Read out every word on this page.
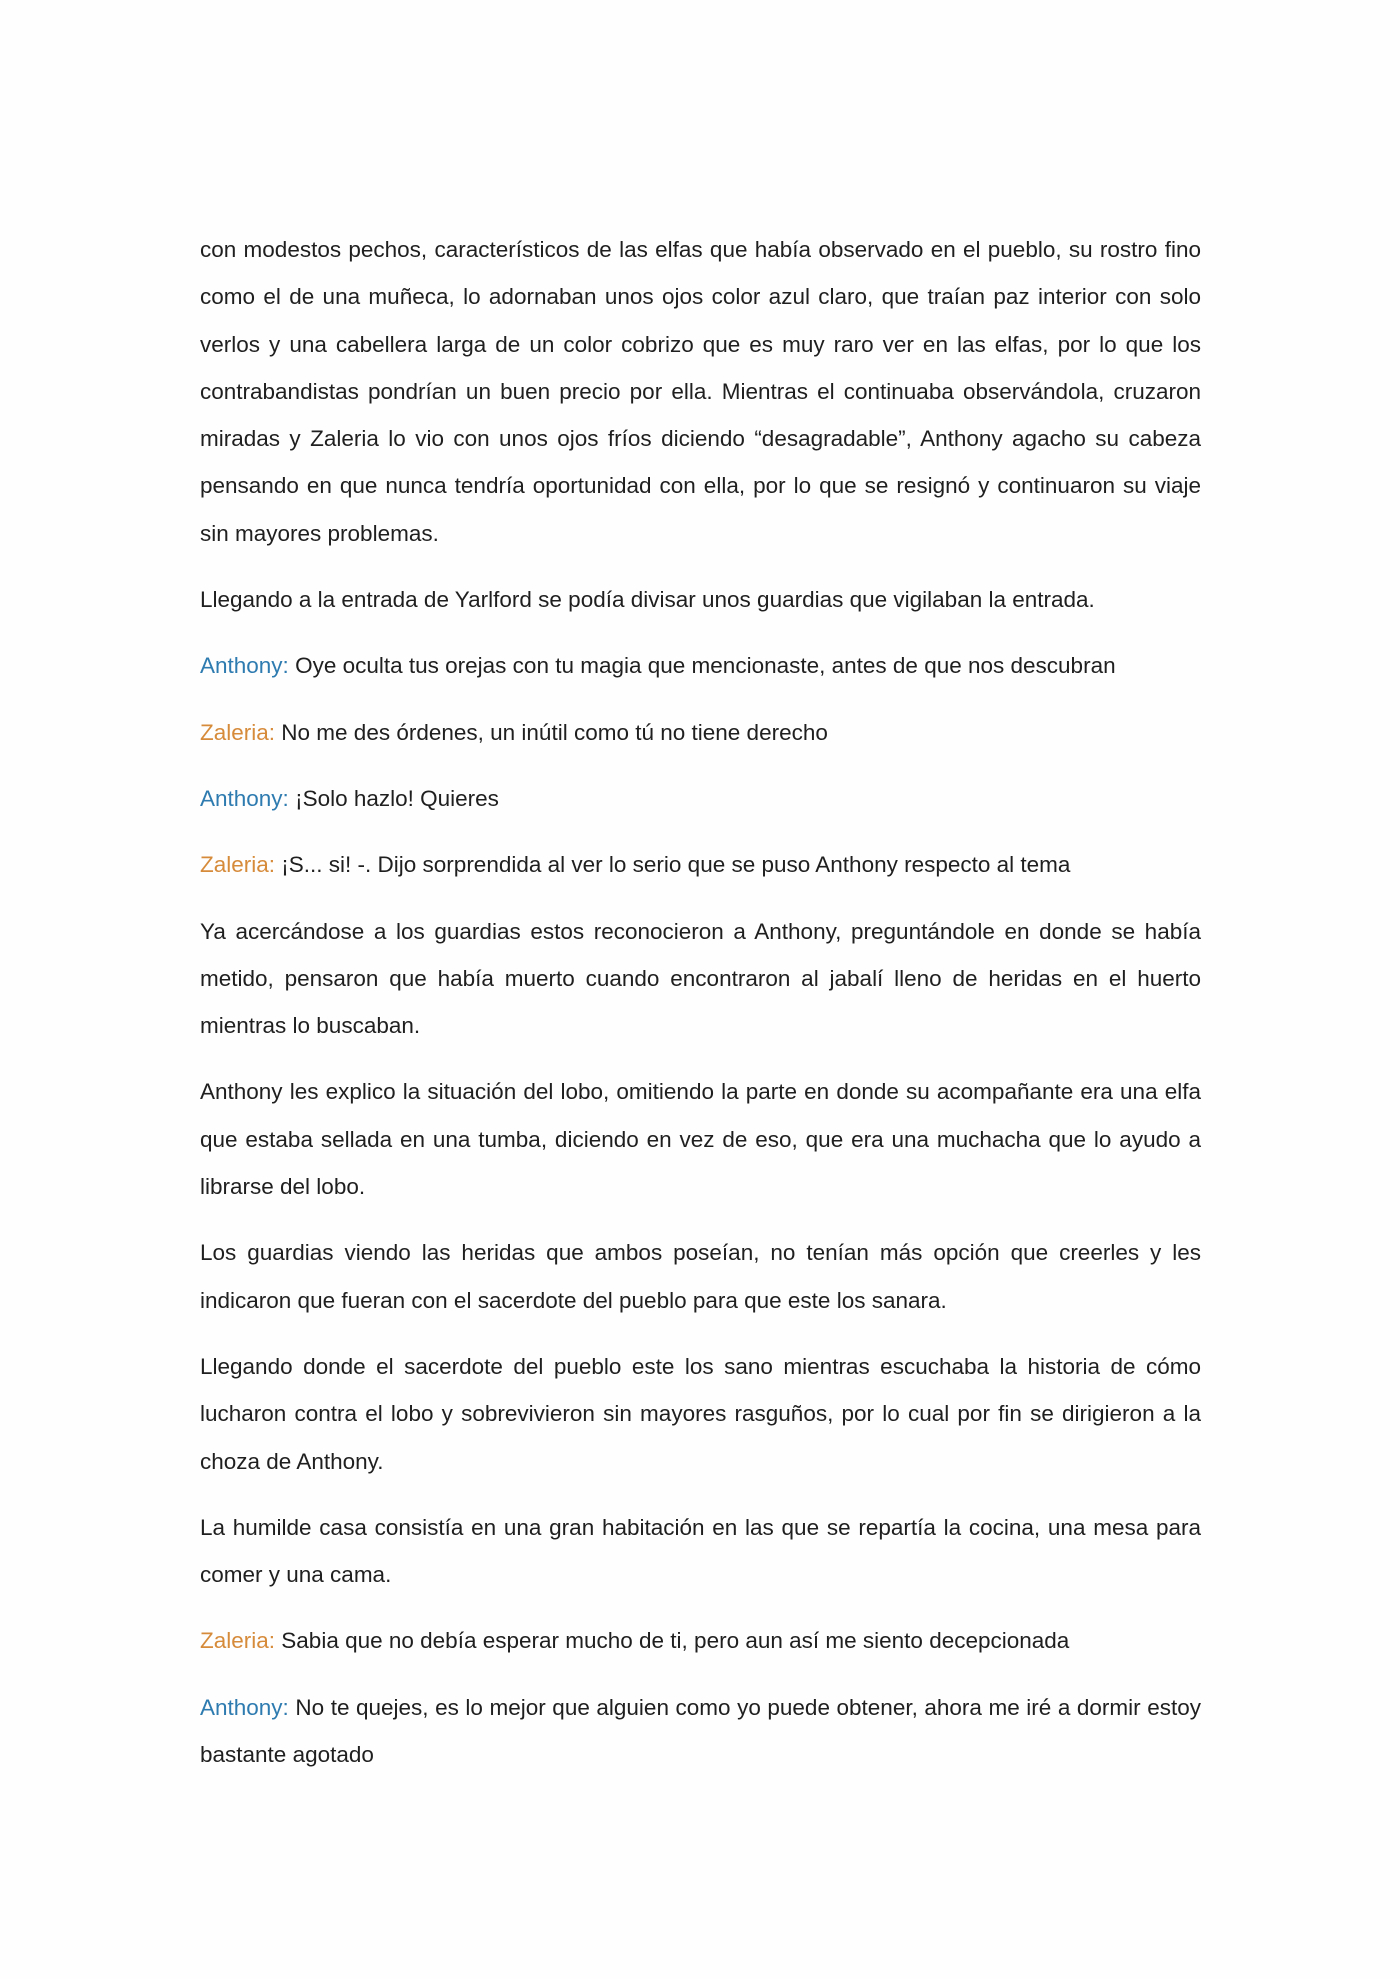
con modestos pechos, característicos de las elfas que había observado en el pueblo, su rostro fino como el de una muñeca, lo adornaban unos ojos color azul claro, que traían paz interior con solo verlos y una cabellera larga de un color cobrizo que es muy raro ver en las elfas, por lo que los contrabandistas pondrían un buen precio por ella. Mientras el continuaba observándola, cruzaron miradas y Zaleria lo vio con unos ojos fríos diciendo “desagradable”, Anthony agacho su cabeza pensando en que nunca tendría oportunidad con ella, por lo que se resignó y continuaron su viaje sin mayores problemas.

Llegando a la entrada de Yarlford se podía divisar unos guardias que vigilaban la entrada.

Anthony: Oye oculta tus orejas con tu magia que mencionaste, antes de que nos descubran

Zaleria: No me des órdenes, un inútil como tú no tiene derecho

Anthony: ¡Solo hazlo! Quieres

Zaleria: ¡S... si! -. Dijo sorprendida al ver lo serio que se puso Anthony respecto al tema

Ya acercándose a los guardias estos reconocieron a Anthony, preguntándole en donde se había metido, pensaron que había muerto cuando encontraron al jabalí lleno de heridas en el huerto mientras lo buscaban.

Anthony les explico la situación del lobo, omitiendo la parte en donde su acompañante era una elfa que estaba sellada en una tumba, diciendo en vez de eso, que era una muchacha que lo ayudo a librarse del lobo.

Los guardias viendo las heridas que ambos poseían, no tenían más opción que creerles y les indicaron que fueran con el sacerdote del pueblo para que este los sanara.

Llegando donde el sacerdote del pueblo este los sano mientras escuchaba la historia de cómo lucharon contra el lobo y sobrevivieron sin mayores rasguños, por lo cual por fin se dirigieron a la choza de Anthony.

La humilde casa consistía en una gran habitación en las que se repartía la cocina, una mesa para comer y una cama.

Zaleria: Sabia que no debía esperar mucho de ti, pero aun así me siento decepcionada

Anthony: No te quejes, es lo mejor que alguien como yo puede obtener, ahora me iré a dormir estoy bastante agotado
